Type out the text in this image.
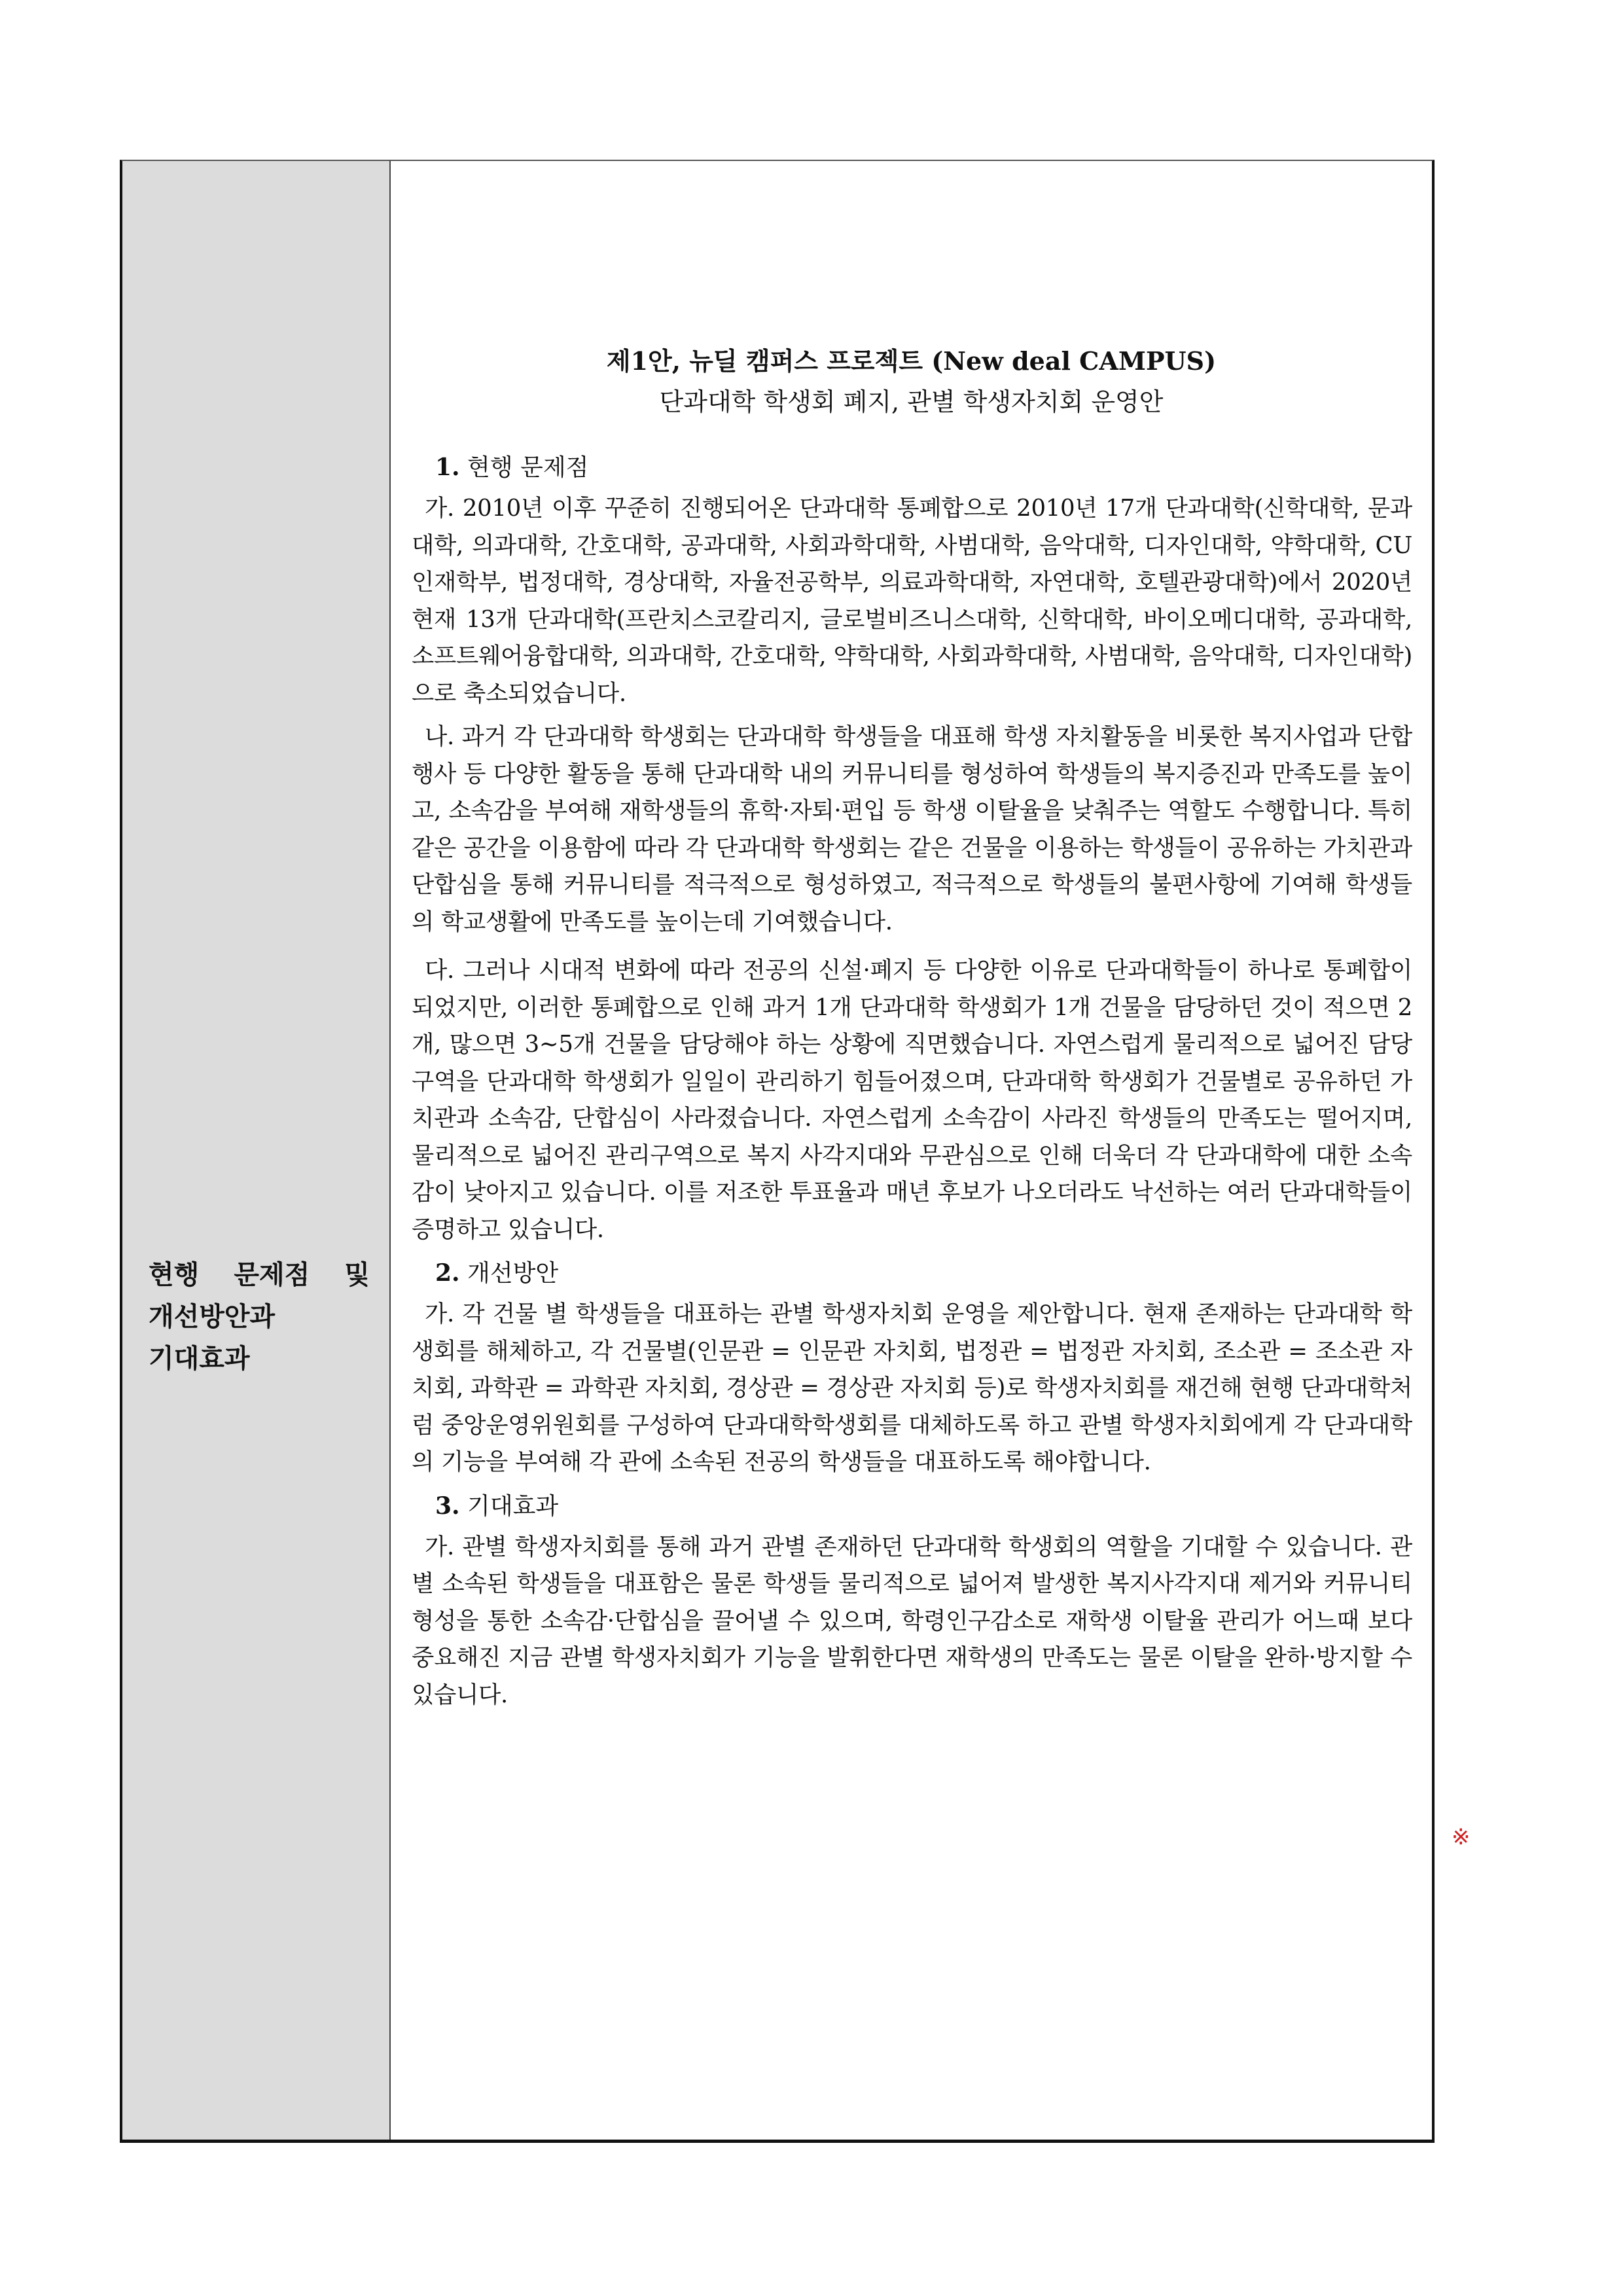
현행 문제점 및
개선방안과
기대효과
제1안, 뉴딜 캠퍼스 프로젝트 (New deal CAMPUS)
단과대학 학생회 폐지, 관별 학생자치회 운영안
1. 현행 문제점

가. 2010년 이후 꾸준히 진행되어온 단과대학 통폐합으로 2010년 17개 단과대학(신학대학, 문과대학, 의과대학, 간호대학, 공과대학, 사회과학대학, 사범대학, 음악대학, 디자인대학, 약학대학, CU인재학부, 법정대학, 경상대학, 자율전공학부, 의료과학대학, 자연대학, 호텔관광대학)에서 2020년 현재 13개 단과대학(프란치스코칼리지, 글로벌비즈니스대학, 신학대학, 바이오메디대학, 공과대학, 소프트웨어융합대학, 의과대학, 간호대학, 약학대학, 사회과학대학, 사범대학, 음악대학, 디자인대학)으로 축소되었습니다.

나. 과거 각 단과대학 학생회는 단과대학 학생들을 대표해 학생 자치활동을 비롯한 복지사업과 단합행사 등 다양한 활동을 통해 단과대학 내의 커뮤니티를 형성하여 학생들의 복지증진과 만족도를 높이고, 소속감을 부여해 재학생들의 휴학·자퇴·편입 등 학생 이탈율을 낮춰주는 역할도 수행합니다. 특히 같은 공간을 이용함에 따라 각 단과대학 학생회는 같은 건물을 이용하는 학생들이 공유하는 가치관과 단합심을 통해 커뮤니티를 적극적으로 형성하였고, 적극적으로 학생들의 불편사항에 기여해 학생들의 학교생활에 만족도를 높이는데 기여했습니다.

다. 그러나 시대적 변화에 따라 전공의 신설·폐지 등 다양한 이유로 단과대학들이 하나로 통폐합이 되었지만, 이러한 통폐합으로 인해 과거 1개 단과대학 학생회가 1개 건물을 담당하던 것이 적으면 2개, 많으면 3~5개 건물을 담당해야 하는 상황에 직면했습니다. 자연스럽게 물리적으로 넓어진 담당구역을 단과대학 학생회가 일일이 관리하기 힘들어졌으며, 단과대학 학생회가 건물별로 공유하던 가치관과 소속감, 단합심이 사라졌습니다. 자연스럽게 소속감이 사라진 학생들의 만족도는 떨어지며, 물리적으로 넓어진 관리구역으로 복지 사각지대와 무관심으로 인해 더욱더 각 단과대학에 대한 소속감이 낮아지고 있습니다. 이를 저조한 투표율과 매년 후보가 나오더라도 낙선하는 여러 단과대학들이 증명하고 있습니다.

2. 개선방안

가. 각 건물 별 학생들을 대표하는 관별 학생자치회 운영을 제안합니다. 현재 존재하는 단과대학 학생회를 해체하고, 각 건물별(인문관 = 인문관 자치회, 법정관 = 법정관 자치회, 조소관 = 조소관 자치회, 과학관 = 과학관 자치회, 경상관 = 경상관 자치회 등)로 학생자치회를 재건해 현행 단과대학처럼 중앙운영위원회를 구성하여 단과대학학생회를 대체하도록 하고 관별 학생자치회에게 각 단과대학의 기능을 부여해 각 관에 소속된 전공의 학생들을 대표하도록 해야합니다.

3. 기대효과

가. 관별 학생자치회를 통해 과거 관별 존재하던 단과대학 학생회의 역할을 기대할 수 있습니다. 관별 소속된 학생들을 대표함은 물론 학생들 물리적으로 넓어져 발생한 복지사각지대 제거와 커뮤니티 형성을 통한 소속감·단합심을 끌어낼 수 있으며, 학령인구감소로 재학생 이탈율 관리가 어느때 보다 중요해진 지금 관별 학생자치회가 기능을 발휘한다면 재학생의 만족도는 물론 이탈을 완하·방지할 수 있습니다.

※
